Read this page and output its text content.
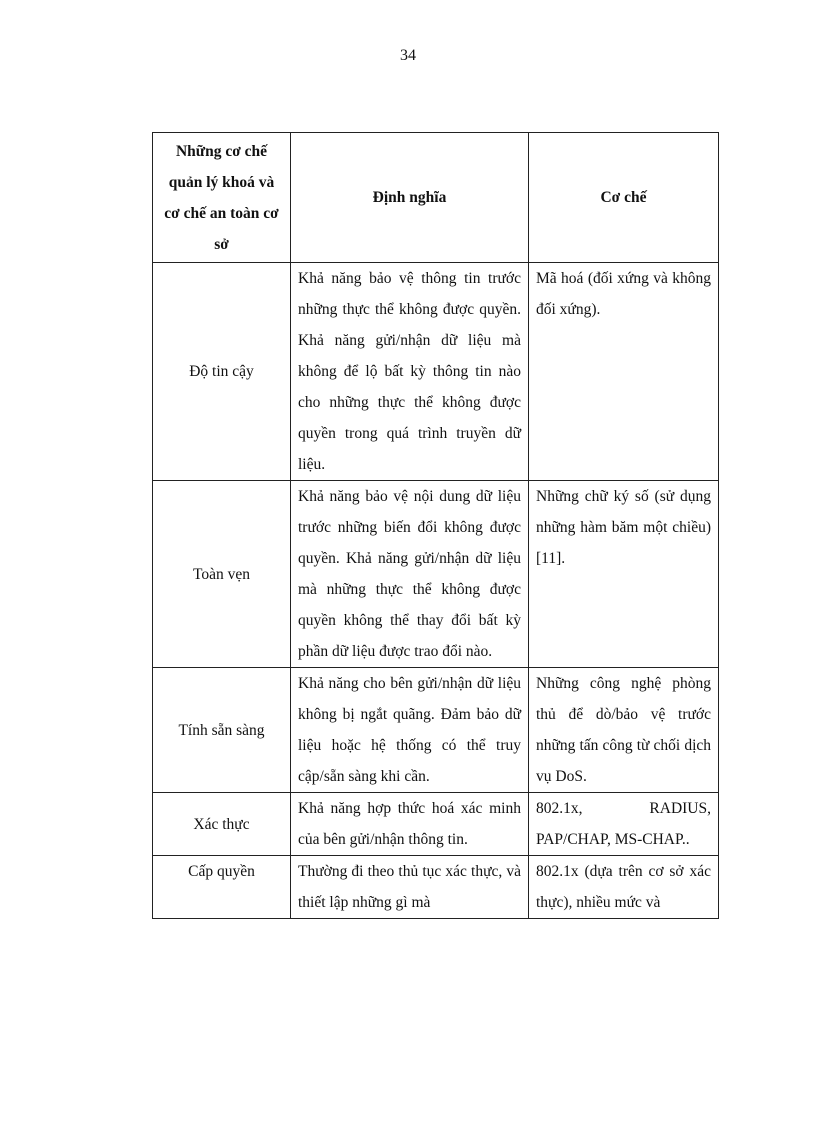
34
Những cơ chế quản lý khoá và cơ chế an toàn cơ sở	Định nghĩa	Cơ chế
Độ tin cậy	Khả năng bảo vệ thông tin trước những thực thể không được quyền. Khả năng gửi/nhận dữ liệu mà không để lộ bất kỳ thông tin nào cho những thực thể không được quyền trong quá trình truyền dữ liệu.	Mã hoá (đối xứng và không đối xứng).
Toàn vẹn	Khả năng bảo vệ nội dung dữ liệu trước những biến đổi không được quyền. Khả năng gửi/nhận dữ liệu mà những thực thể không được quyền không thể thay đổi bất kỳ phần dữ liệu được trao đổi nào.	Những chữ ký số (sử dụng những hàm băm một chiều) [11].
Tính sẵn sàng	Khả năng cho bên gửi/nhận dữ liệu không bị ngắt quãng. Đảm bảo dữ liệu hoặc hệ thống có thể truy cập/sẵn sàng khi cần.	Những công nghệ phòng thủ để dò/bảo vệ trước những tấn công từ chối dịch vụ DoS.
Xác thực	Khả năng hợp thức hoá xác minh của bên gửi/nhận thông tin.	802.1x, RADIUS, PAP/CHAP, MS-CHAP..
Cấp quyền	Thường đi theo thủ tục xác thực, và thiết lập những gì mà	802.1x (dựa trên cơ sở xác thực), nhiều mức và
